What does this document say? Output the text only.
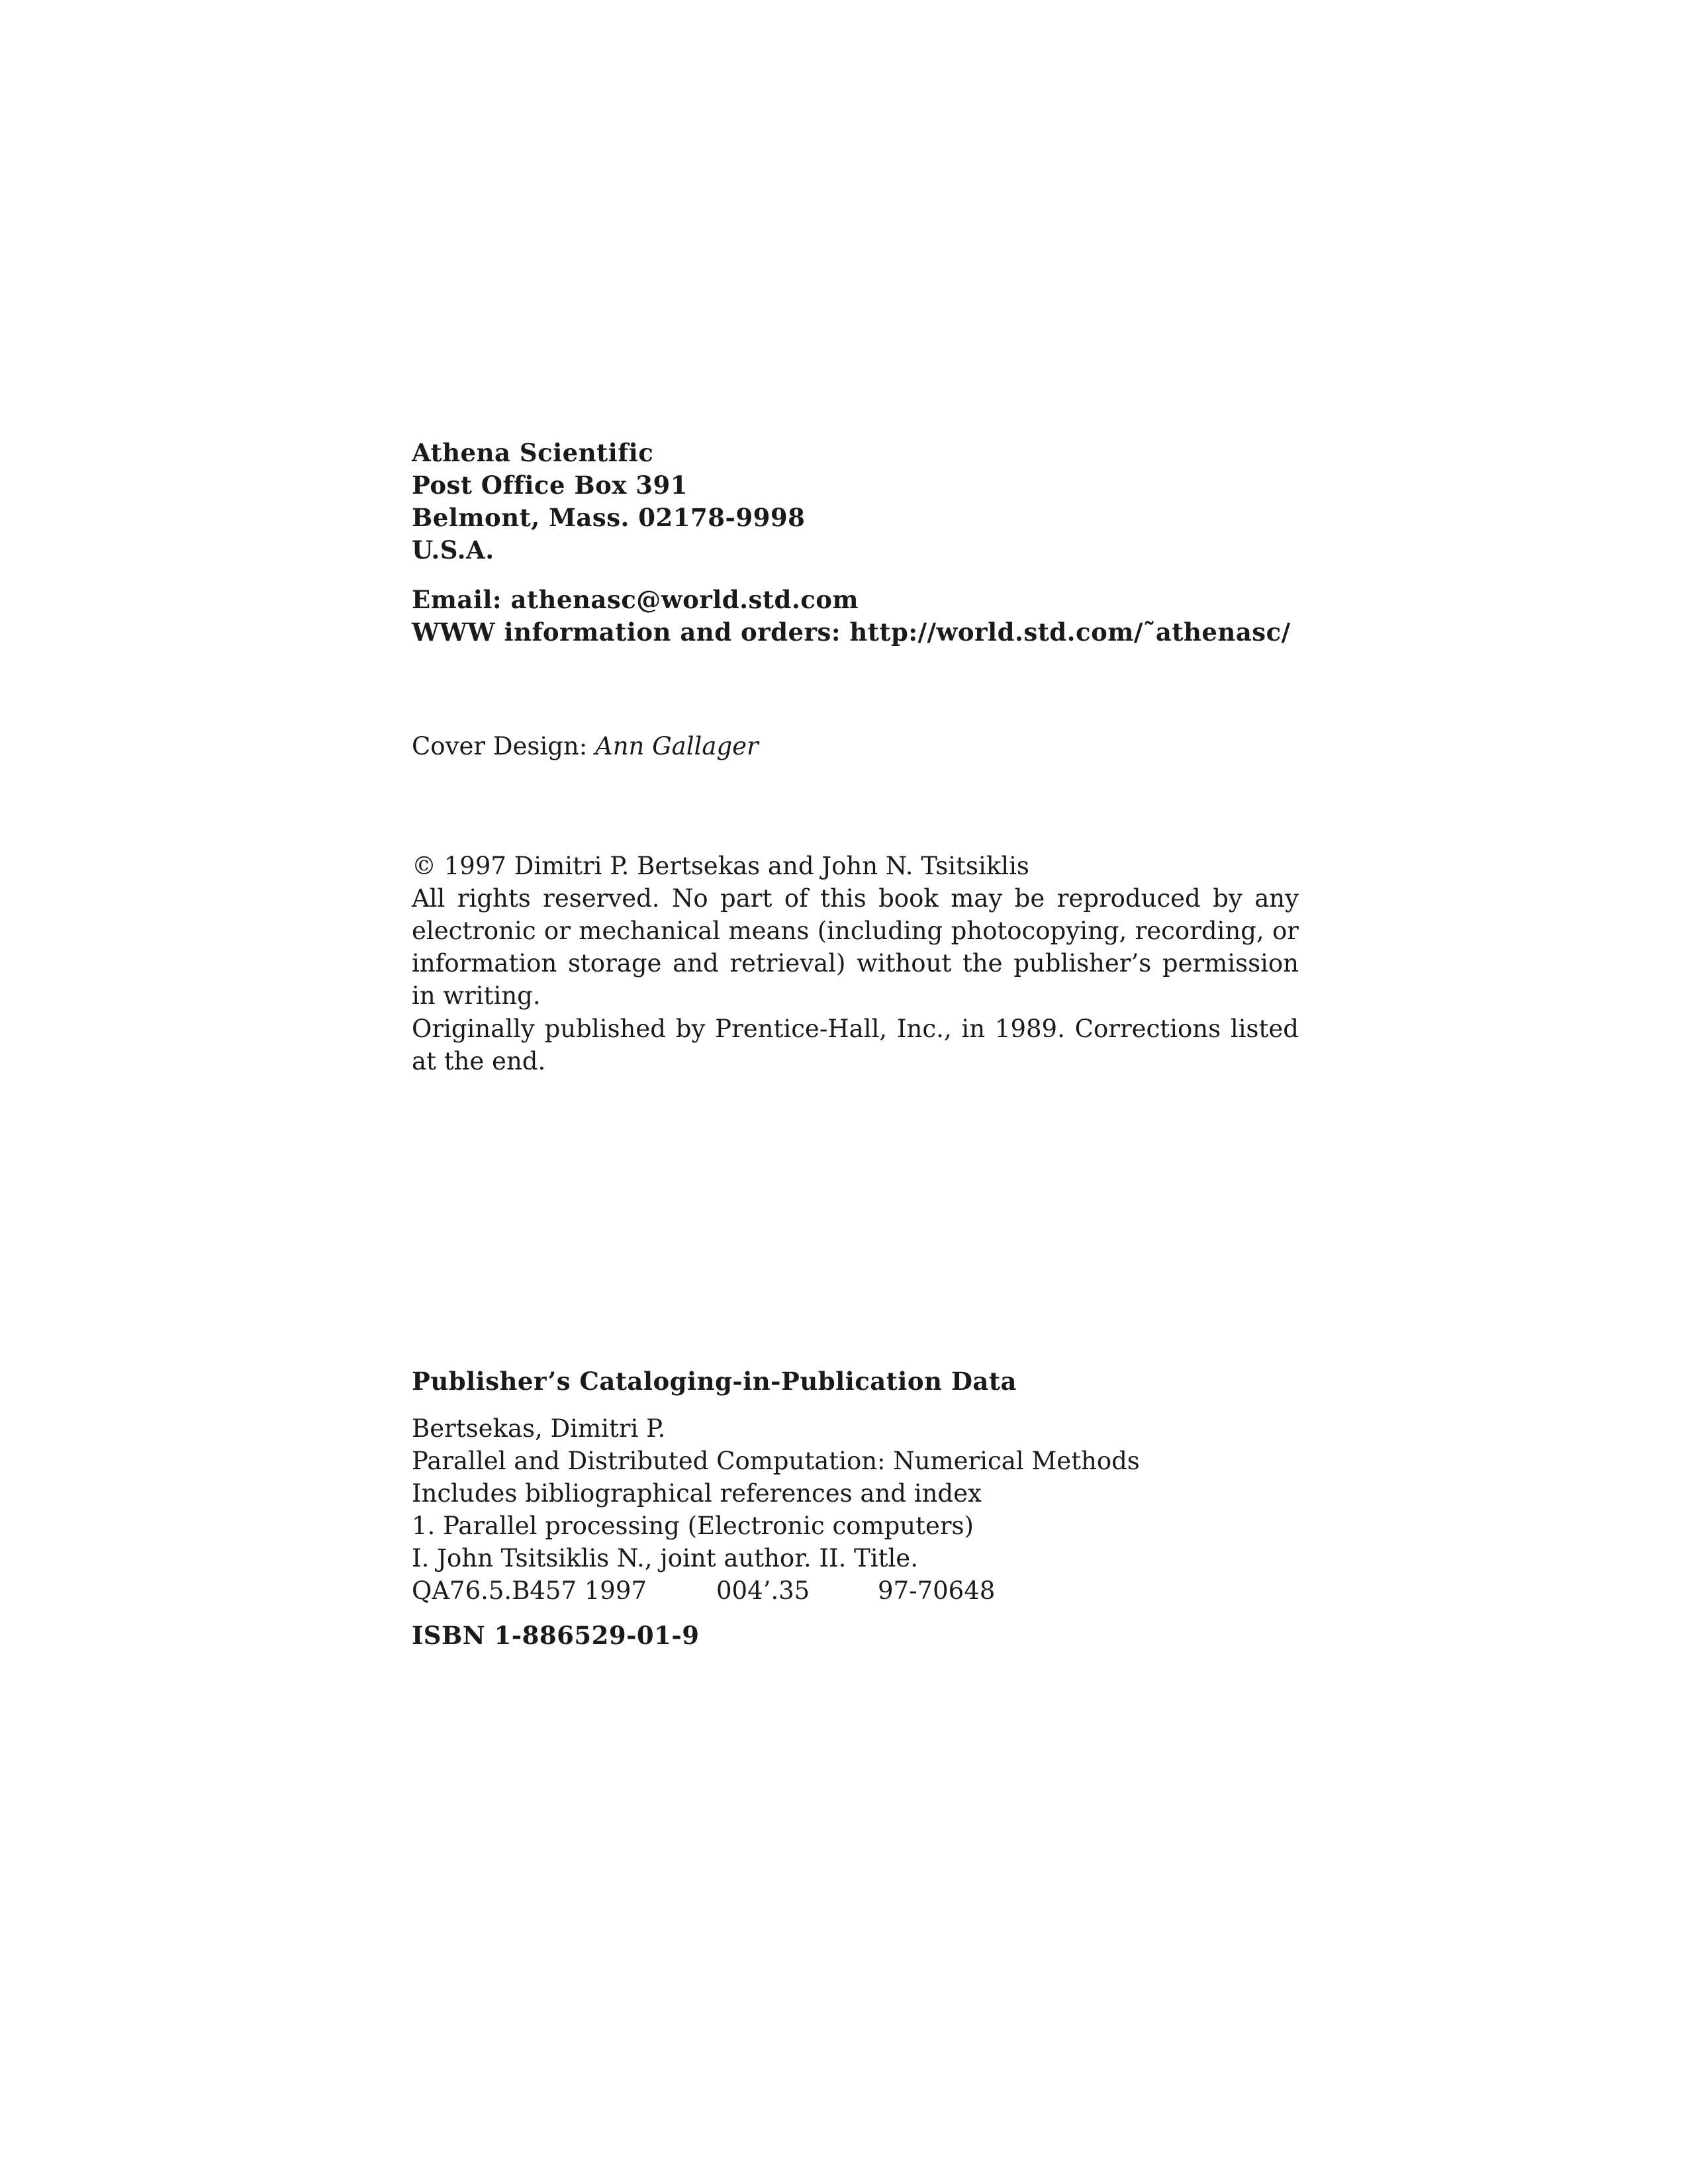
Athena Scientific
Post Office Box 391
Belmont, Mass. 02178-9998
U.S.A.
Email: athenasc@world.std.com
WWW information and orders: http://world.std.com/˜athenasc/
Cover Design: Ann Gallager
© 1997 Dimitri P. Bertsekas and John N. Tsitsiklis
All rights reserved. No part of this book may be reproduced by any electronic or mechanical means (including photocopying, recording, or information storage and retrieval) without the publisher’s permission in writing.
Originally published by Prentice-Hall, Inc., in 1989. Corrections listed at the end.
Publisher’s Cataloging-in-Publication Data
Bertsekas, Dimitri P.
Parallel and Distributed Computation: Numerical Methods
Includes bibliographical references and index
1. Parallel processing (Electronic computers)
I. John Tsitsiklis N., joint author. II. Title.
QA76.5.B457 1997	004’.35	97-70648
ISBN 1-886529-01-9
